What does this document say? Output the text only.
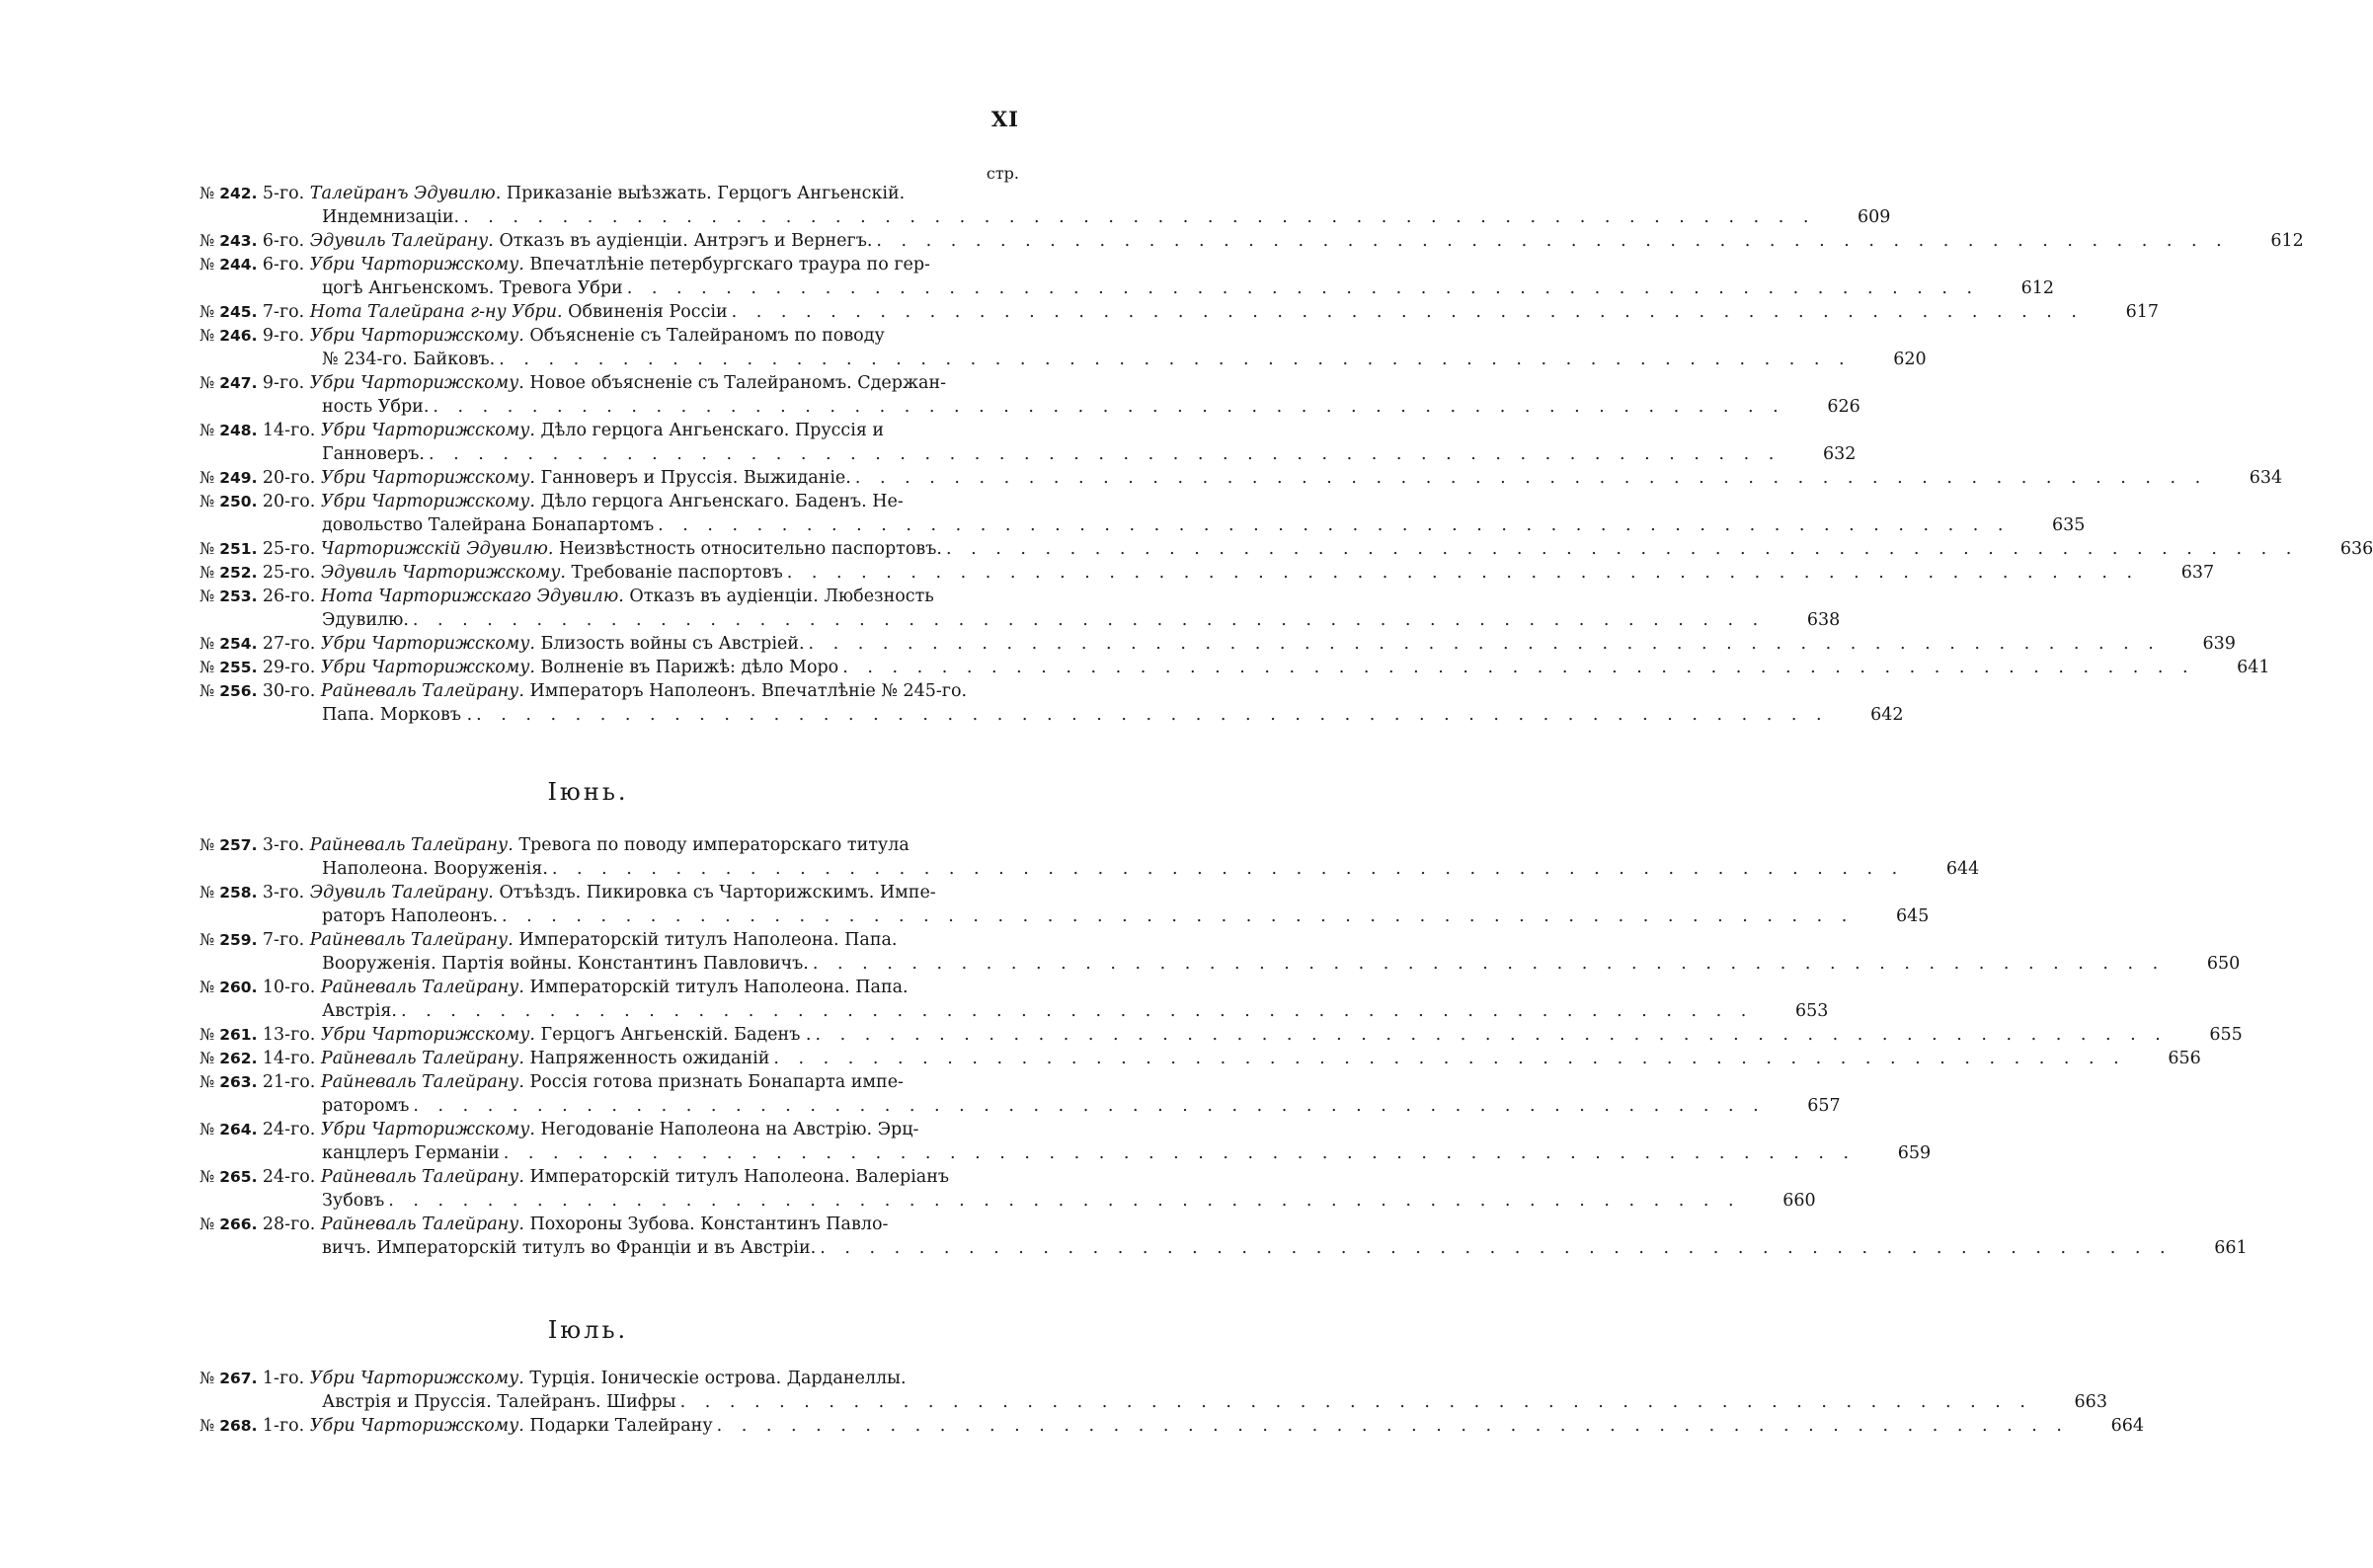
XI
стр.
№ 242. 5-го. Талейранъ Эдувилю. Приказаніе выѣзжать. Герцогъ Ангьенскій.
Индемнизаціи. . . .	609
№ 243. 6-го. Эдувиль Талейрану. Отказъ въ аудіенціи. Антрэгъ и Вернегъ. . . .	612
№ 244. 6-го. Убри Чарторижскому. Впечатлѣніе петербургскаго траура по гер-
цогѣ Ангьенскомъ. Тревога Убри . . .	612
№ 245. 7-го. Нота Талейрана г-ну Убри. Обвиненія Россіи . . .	617
№ 246. 9-го. Убри Чарторижскому. Объясненіе съ Талейраномъ по поводу
№ 234-го. Байковъ. . . .	620
№ 247. 9-го. Убри Чарторижскому. Новое объясненіе съ Талейраномъ. Сдержан-
ность Убри. . . .	626
№ 248. 14-го. Убри Чарторижскому. Дѣло герцога Ангьенскаго. Пруссія и
Ганноверъ. . . .	632
№ 249. 20-го. Убри Чарторижскому. Ганноверъ и Пруссія. Выжиданіе. . . .	634
№ 250. 20-го. Убри Чарторижскому. Дѣло герцога Ангьенскаго. Баденъ. Не-
довольство Талейрана Бонапартомъ . . .	635
№ 251. 25-го. Чарторижскій Эдувилю. Неизвѣстность относительно паспортовъ. . . .	636
№ 252. 25-го. Эдувиль Чарторижскому. Требованіе паспортовъ . . .	637
№ 253. 26-го. Нота Чарторижскаго Эдувилю. Отказъ въ аудіенціи. Любезность
Эдувилю. . . .	638
№ 254. 27-го. Убри Чарторижскому. Близость войны съ Австріей. . . .	639
№ 255. 29-го. Убри Чарторижскому. Волненіе въ Парижѣ: дѣло Моро . . .	641
№ 256. 30-го. Райневаль Талейрану. Императоръ Наполеонъ. Впечатлѣніе № 245-го.
Папа. Морковъ . . . .	642
Іюнь.
№ 257. 3-го. Райневаль Талейрану. Тревога по поводу императорскаго титула
Наполеона. Вооруженія. . . .	644
№ 258. 3-го. Эдувиль Талейрану. Отъѣздъ. Пикировка съ Чарторижскимъ. Импе-
раторъ Наполеонъ. . . .	645
№ 259. 7-го. Райневаль Талейрану. Императорскій титулъ Наполеона. Папа.
Вооруженія. Партія войны. Константинъ Павловичъ. . . .	650
№ 260. 10-го. Райневаль Талейрану. Императорскій титулъ Наполеона. Папа.
Австрія. . . .	653
№ 261. 13-го. Убри Чарторижскому. Герцогъ Ангьенскій. Баденъ . . . .	655
№ 262. 14-го. Райневаль Талейрану. Напряженность ожиданій . . .	656
№ 263. 21-го. Райневаль Талейрану. Россія готова признать Бонапарта импе-
раторомъ . . .	657
№ 264. 24-го. Убри Чарторижскому. Негодованіе Наполеона на Австрію. Эрц-
канцлеръ Германіи . . .	659
№ 265. 24-го. Райневаль Талейрану. Императорскій титулъ Наполеона. Валеріанъ
Зубовъ . . .	660
№ 266. 28-го. Райневаль Талейрану. Похороны Зубова. Константинъ Павло-
вичъ. Императорскій титулъ во Франціи и въ Австріи. . . .	661
Іюль.
№ 267. 1-го. Убри Чарторижскому. Турція. Іоническіе острова. Дарданеллы.
Австрія и Пруссія. Талейранъ. Шифры . . .	663
№ 268. 1-го. Убри Чарторижскому. Подарки Талейрану . . .	664
